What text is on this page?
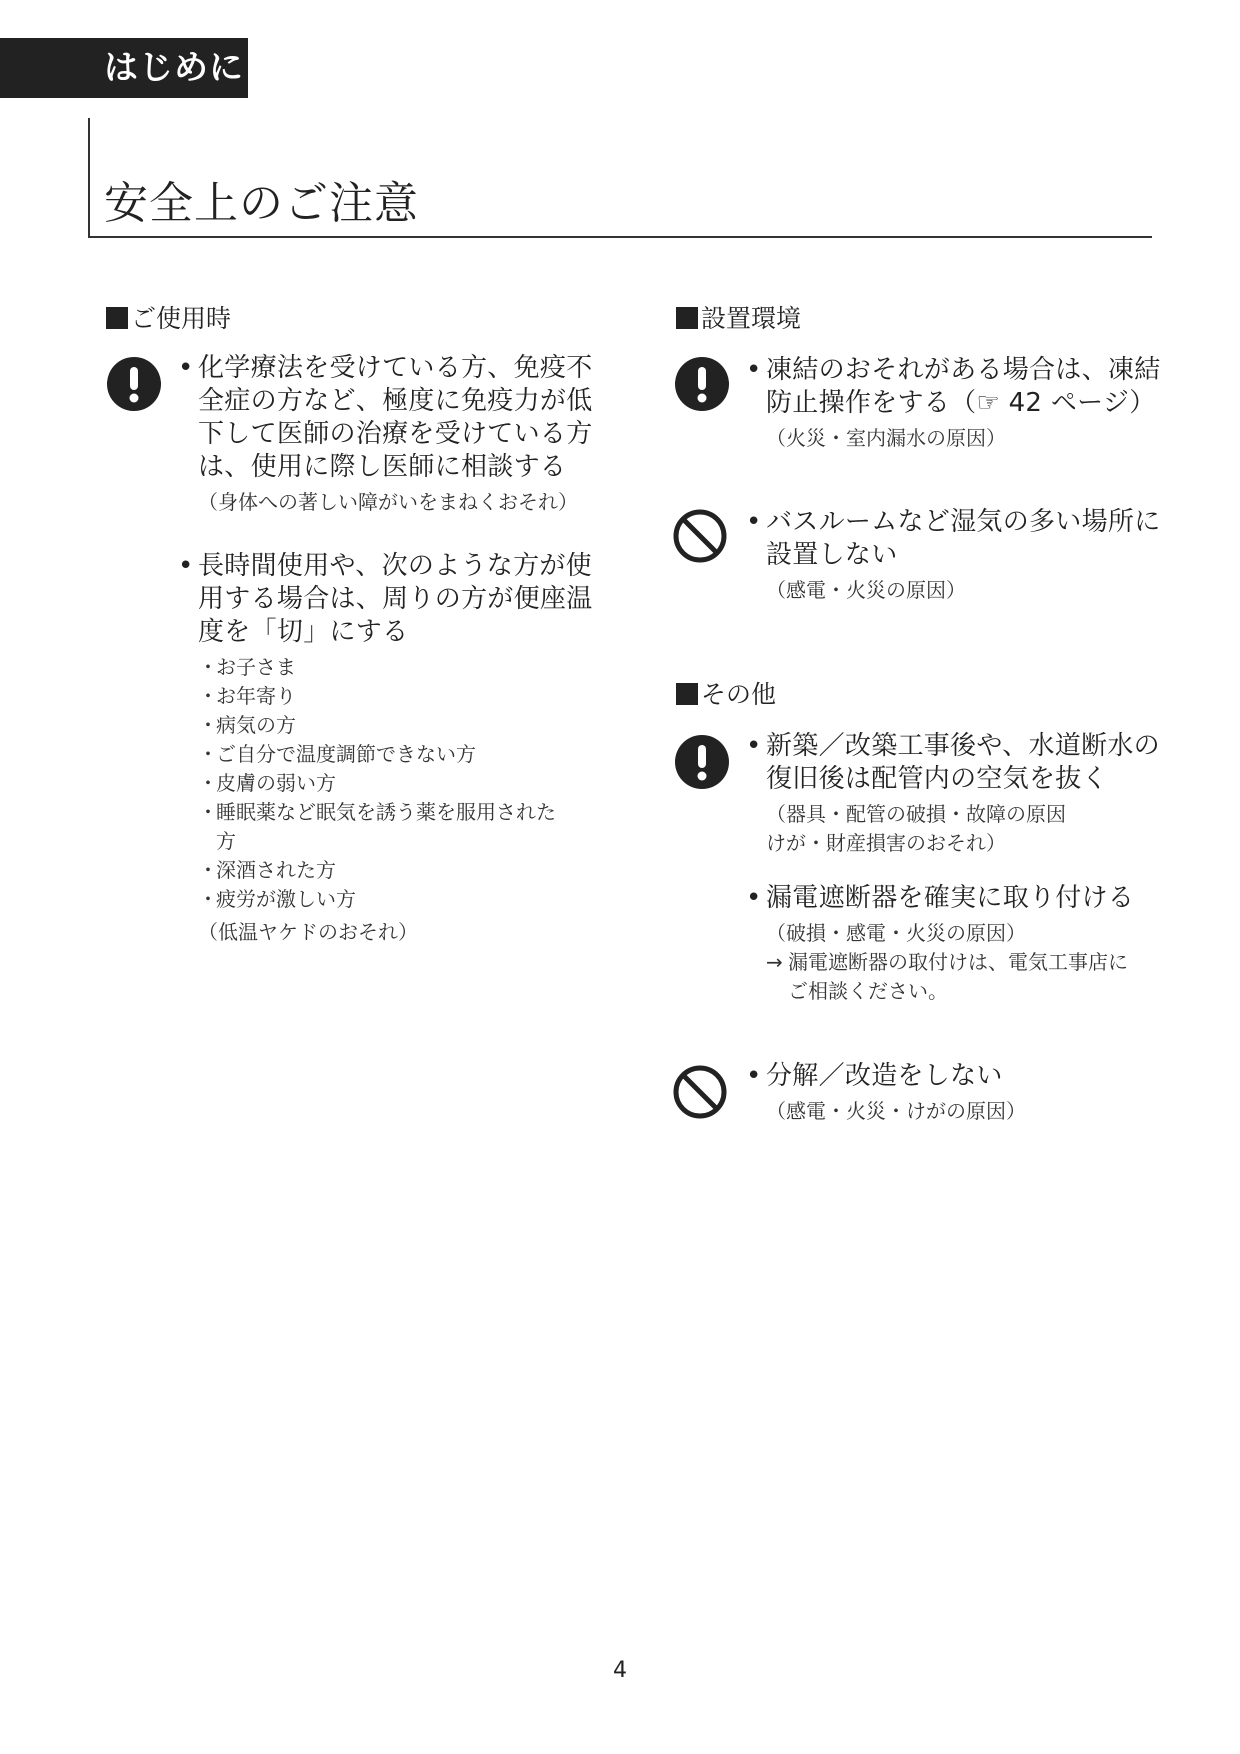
はじめに
安全上のご注意
ご使用時
• 化学療法を受けている方、免疫不
全症の方など、極度に免疫力が低
下して医師の治療を受けている方
は、使用に際し医師に相談する
（身体への著しい障がいをまねくおそれ）
• 長時間使用や、次のような方が使
用する場合は、周りの方が便座温
度を「切」にする
・
お子さま
・
お年寄り
・
病気の方
・
ご自分で温度調節できない方
・
皮膚の弱い方
・
睡眠薬など眠気を誘う薬を服用された
方
・
深酒された方
・
疲労が激しい方
（低温ヤケドのおそれ）
設置環境
• 凍結のおそれがある場合は、凍結
防止操作をする（☞ 42 ページ）
（火災・室内漏水の原因）
• バスルームなど湿気の多い場所に
設置しない
（感電・火災の原因）
その他
• 新築／改築工事後や、水道断水の
復旧後は配管内の空気を抜く
（器具・配管の破損・故障の原因
けが・財産損害のおそれ）
• 漏電遮断器を確実に取り付ける
（破損・感電・火災の原因）
→ 漏電遮断器の取付けは、電気工事店に
ご相談ください。
• 分解／改造をしない
（感電・火災・けがの原因）
4
